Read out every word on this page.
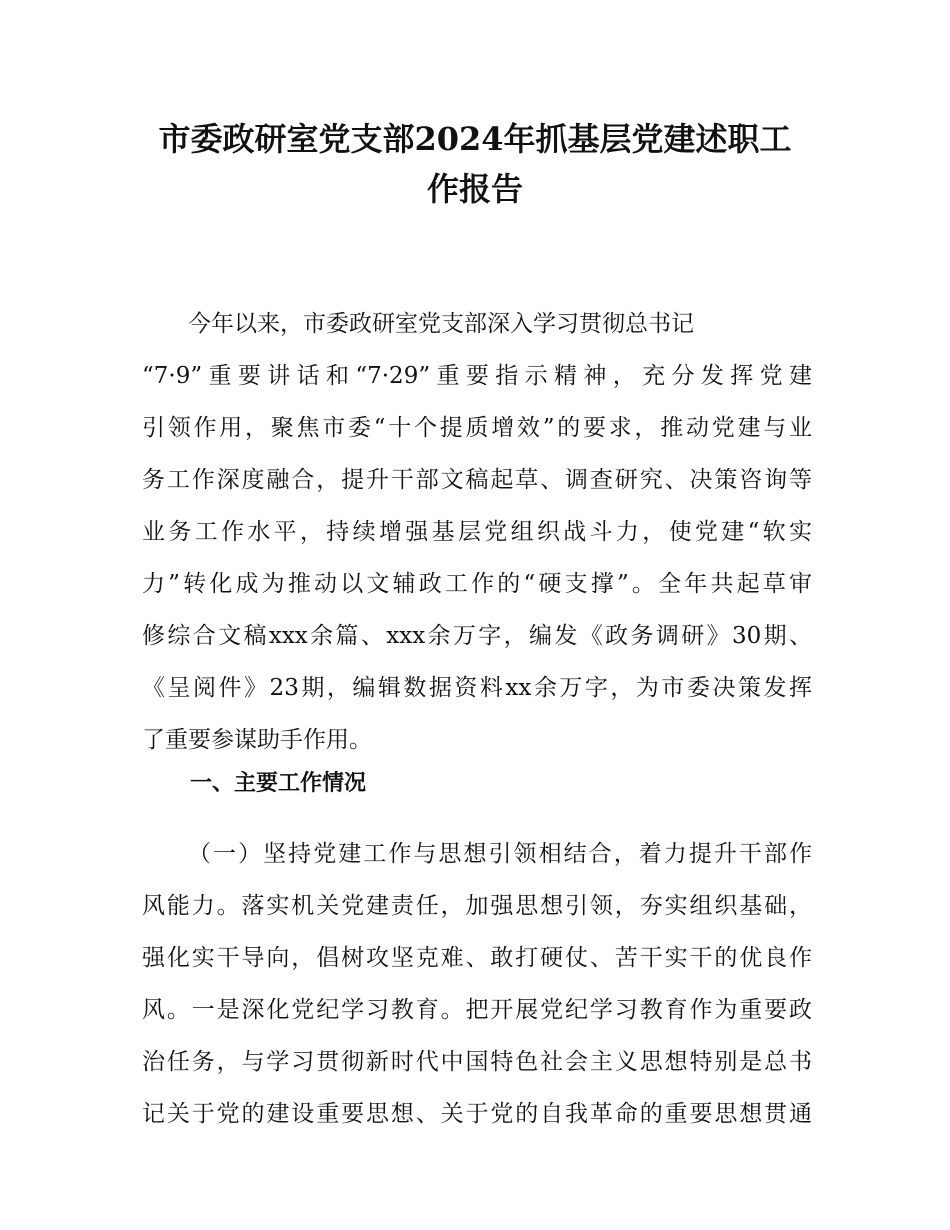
市委政研室党支部2024年抓基层党建述职工
作报告
今年以来，市委政研室党支部深入学习贯彻总书记
“7·9”重要讲话和“7·29”重要指示精神，充分发挥党建
引领作用，聚焦市委“十个提质增效”的要求，推动党建与业
务工作深度融合，提升干部文稿起草、调查研究、决策咨询等
业务工作水平，持续增强基层党组织战斗力，使党建“软实
力”转化成为推动以文辅政工作的“硬支撑”。全年共起草审
修综合文稿xxx余篇、xxx余万字，编发《政务调研》30期、
《呈阅件》23期，编辑数据资料xx余万字，为市委决策发挥
了重要参谋助手作用。
一、主要工作情况
（一）坚持党建工作与思想引领相结合，着力提升干部作
风能力。落实机关党建责任，加强思想引领，夯实组织基础，
强化实干导向，倡树攻坚克难、敢打硬仗、苦干实干的优良作
风。一是深化党纪学习教育。把开展党纪学习教育作为重要政
治任务，与学习贯彻新时代中国特色社会主义思想特别是总书
记关于党的建设重要思想、关于党的自我革命的重要思想贯通
